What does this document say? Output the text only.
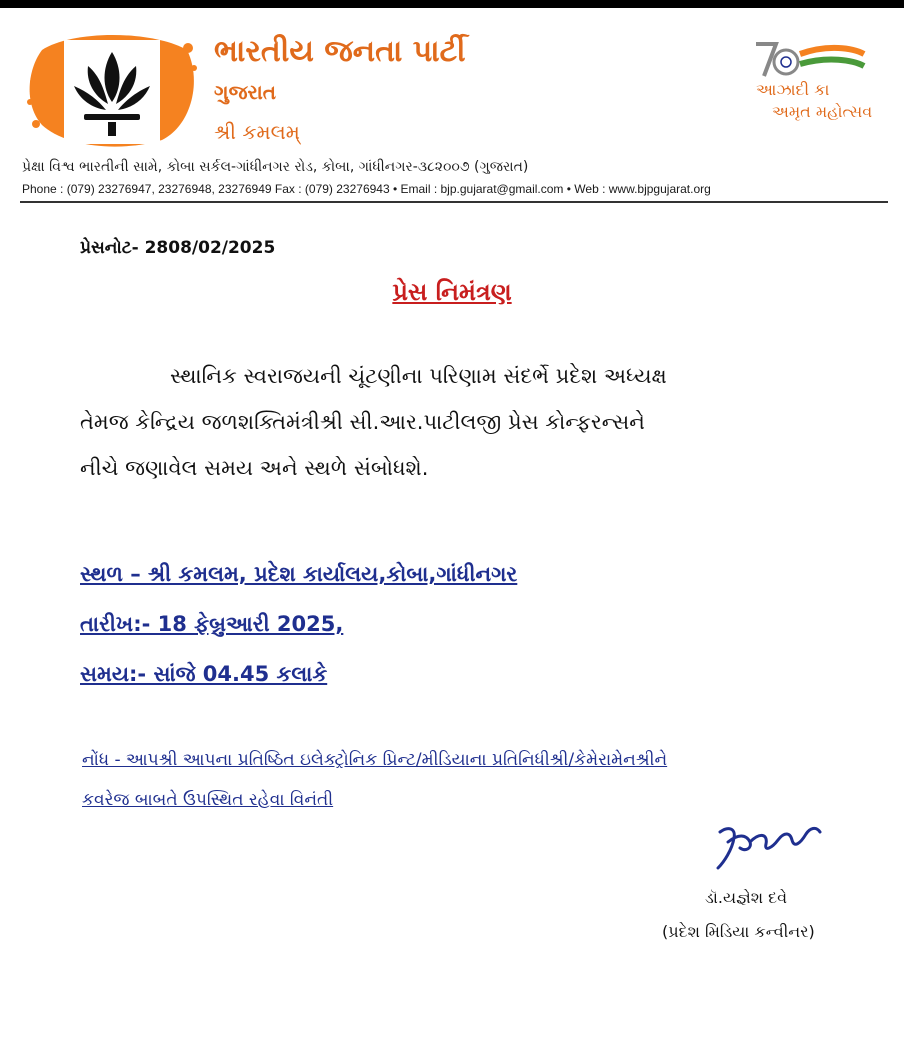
ભારતીય જનતા પાર્ટી
ગુજરાત
શ્રી કમલમ્
આઝાદી કા
અમૃત મહોત્સવ
પ્રેક્ષા વિશ્વ ભારતીની સામે, કોબા સર્કલ-ગાંધીનગર રોડ, કોબા, ગાંધીનગર-૩૮૨૦૦૭ (ગુજરાત)
Phone : (079) 23276947, 23276948, 23276949 Fax : (079) 23276943 • Email : bjp.gujarat@gmail.com • Web : www.bjpgujarat.org
પ્રેસનોટ- 2808/02/2025
પ્રેસ નિમંત્રણ
સ્થાનિક સ્વરાજયની ચૂંટણીના પરિણામ સંદર્ભે પ્રદેશ અધ્યક્ષ
તેમજ કેન્દ્રિય જળશક્તિમંત્રીશ્રી સી.આર.પાટીલજી પ્રેસ કોન્ફરન્સને
નીચે જણાવેલ સમય અને સ્થળે સંબોધશે.
સ્થળ – શ્રી કમલમ, પ્રદેશ કાર્યાલય,કોબા,ગાંધીનગર
તારીખ:- 18 ફેબ્રુઆરી 2025,
સમય:- સાંજે 04.45 કલાકે
નોંધ - આપશ્રી આપના પ્રતિષ્ઠિત ઇલેક્ટ્રોનિક પ્રિન્ટ/મીડિયાના પ્રતિનિધીશ્રી/કેમેરામેનશ્રીને
કવરેજ બાબતે ઉપસ્થિત રહેવા વિનંતી
ડૉ.યજ્ઞેશ દવે
(પ્રદેશ મિડિયા કન્વીનર)
